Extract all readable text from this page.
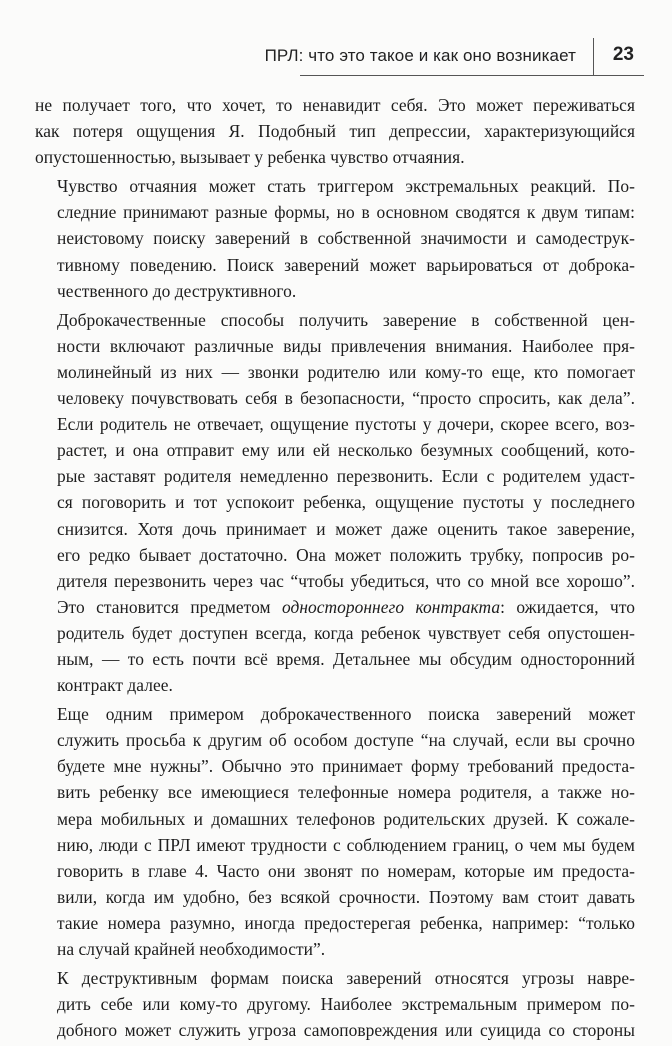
ПРЛ: что это такое и как оно возникает 23

не получает того, что хочет, то ненавидит себя. Это может переживаться
как потеря ощущения Я. Подобный тип депрессии, характеризующийся
опустошенностью, вызывает у ребенка чувство отчаяния.

Чувство отчаяния может стать триггером экстремальных реакций. По-
следние принимают разные формы, но в основном сводятся к двум типам:
неистовому поиску заверений в собственной значимости и самодеструк-
тивному поведению. Поиск заверений может варьироваться от доброка-
чественного до деструктивного.

Доброкачественные способы получить заверение в собственной цен-
ности включают различные виды привлечения внимания. Наиболее пря-
молинейный из них — звонки родителю или кому-то еще, кто помогает
человеку почувствовать себя в безопасности, “просто спросить, как дела”.
Если родитель не отвечает, ощущение пустоты у дочери, скорее всего, воз-
растет, и она отправит ему или ей несколько безумных сообщений, кото-
рые заставят родителя немедленно перезвонить. Если с родителем удаст-
ся поговорить и тот успокоит ребенка, ощущение пустоты у последнего
снизится. Хотя дочь принимает и может даже оценить такое заверение,
его редко бывает достаточно. Она может положить трубку, попросив ро-
дителя перезвонить через час “чтобы убедиться, что со мной все хорошо”.
Это становится предметом одностороннего контракта: ожидается, что
родитель будет доступен всегда, когда ребенок чувствует себя опустошен-
ным, — то есть почти всё время. Детальнее мы обсудим односторонний
контракт далее.

Еще одним примером доброкачественного поиска заверений может
служить просьба к другим об особом доступе “на случай, если вы срочно
будете мне нужны”. Обычно это принимает форму требований предоста-
вить ребенку все имеющиеся телефонные номера родителя, а также но-
мера мобильных и домашних телефонов родительских друзей. К сожале-
нию, люди с ПРЛ имеют трудности с соблюдением границ, о чем мы будем
говорить в главе 4. Часто они звонят по номерам, которые им предоста-
вили, когда им удобно, без всякой срочности. Поэтому вам стоит давать
такие номера разумно, иногда предостерегая ребенка, например: “только
на случай крайней необходимости”.

К деструктивным формам поиска заверений относятся угрозы навре-
дить себе или кому-то другому. Наиболее экстремальным примером по-
добного может служить угроза самоповреждения или суицида со стороны
